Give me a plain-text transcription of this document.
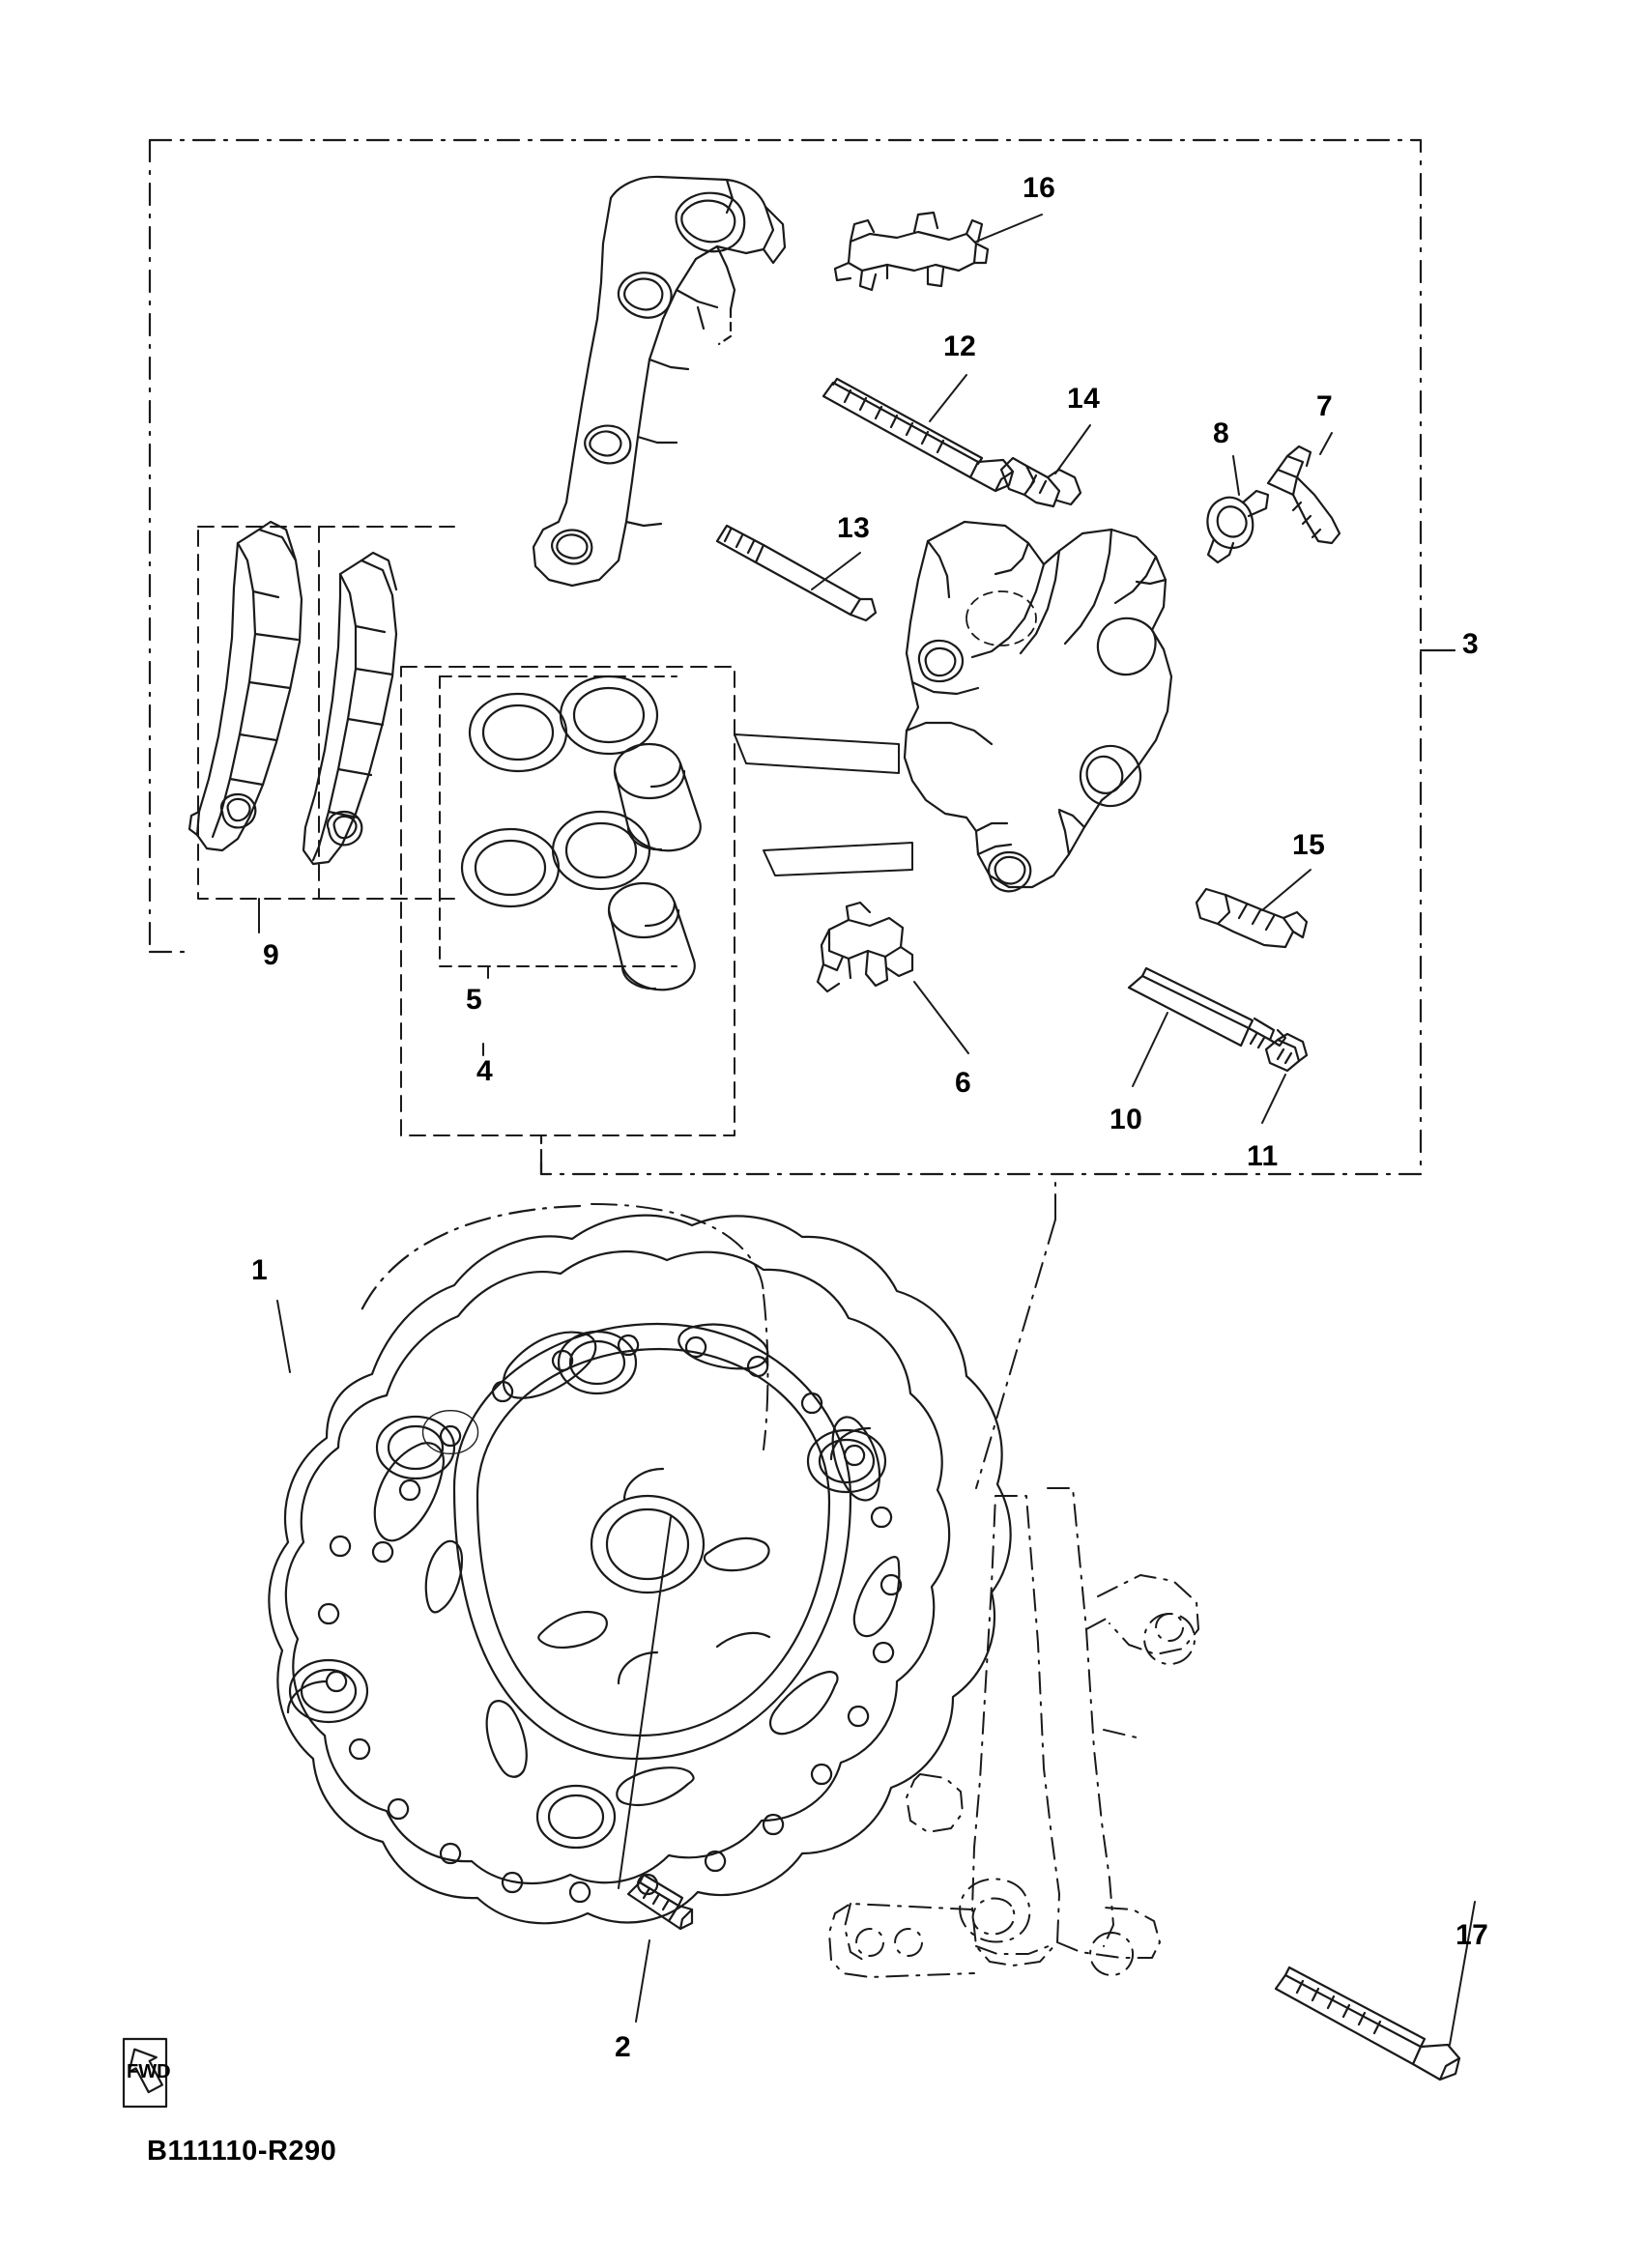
1
2
3
4
5
6
7
8
9
10
11
12
13
14
15
16
17
FWD
B111110-R290
